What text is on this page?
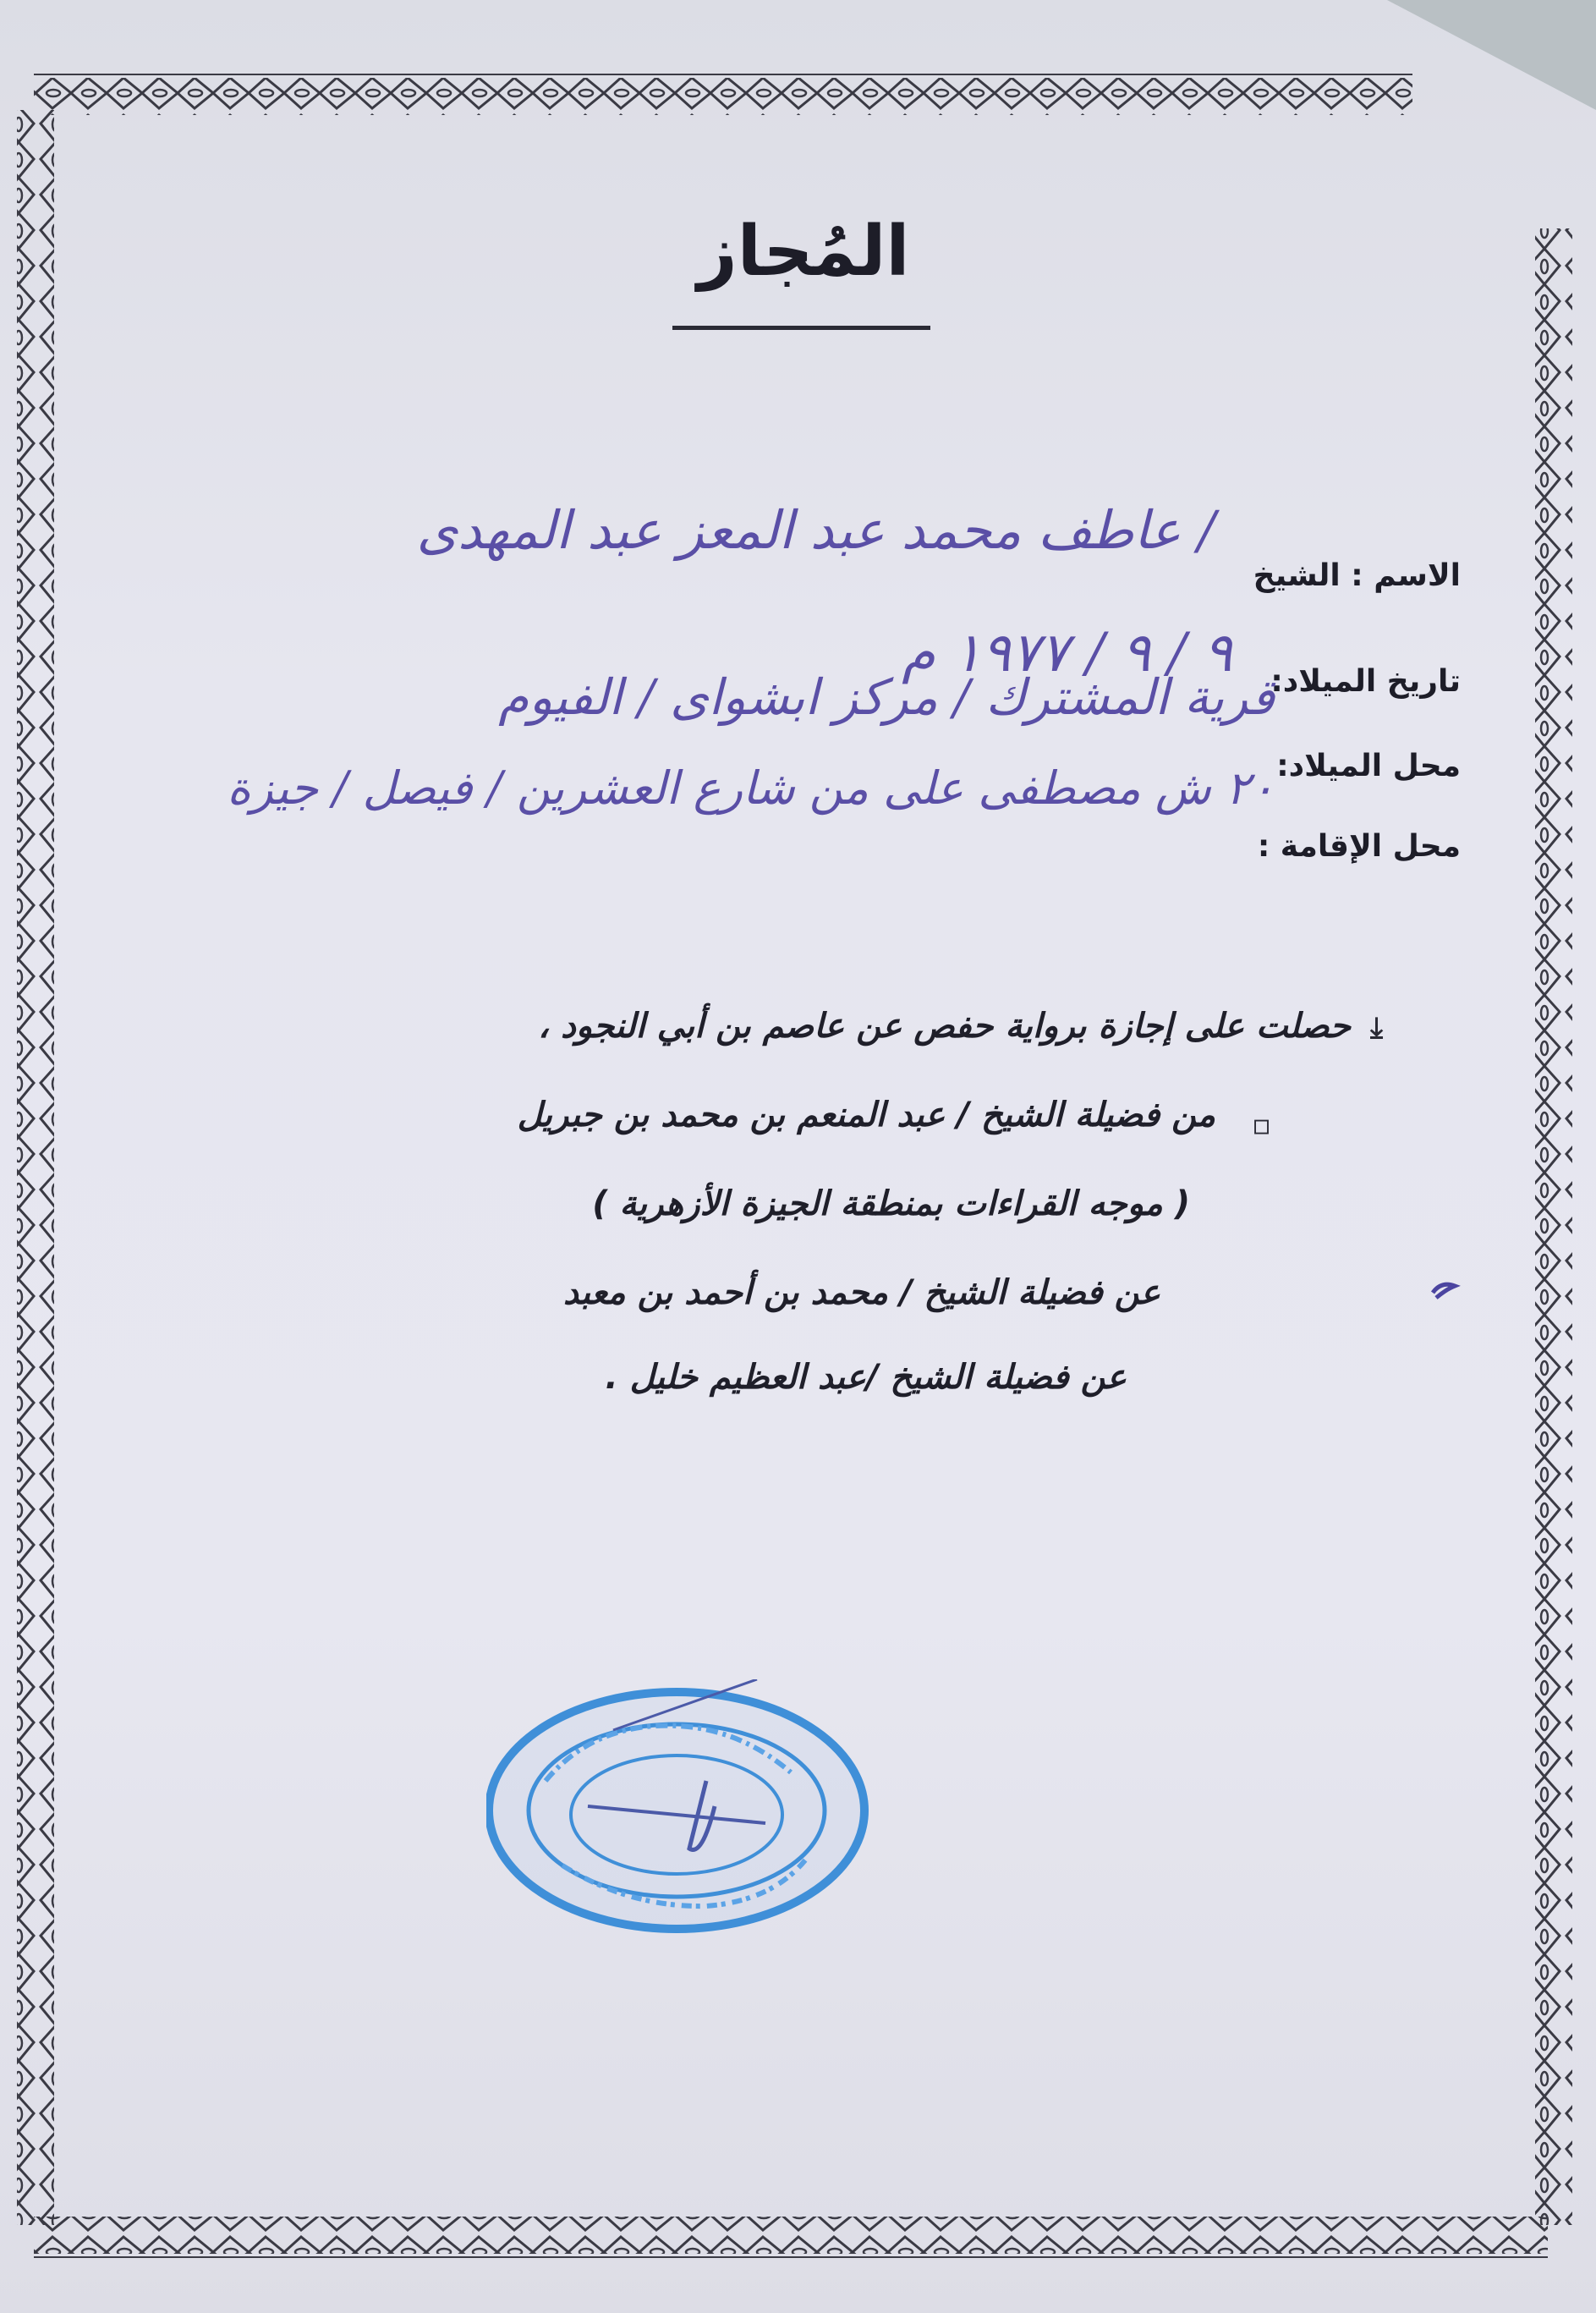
المُجاز
الاسم : الشيخ
/ عاطف محمد عبد المعز عبد المهدى
تاريخ الميلاد:
٩ / ٩ / ١٩٧٧ م
محل الميلاد:
قرية المشترك / مركز ابشواى / الفيوم
محل الإقامة :
٢٠ ش مصطفى على من شارع العشرين / فيصل / جيزة
⤓
حصلت على إجازة برواية حفص عن عاصم بن أبي النجود ،
▫
من فضيلة الشيخ / عبد المنعم بن محمد بن جبريل
( موجه القراءات بمنطقة الجيزة الأزهرية )
عن فضيلة الشيخ / محمد بن أحمد بن معبد
عن فضيلة الشيخ /عبد العظيم خليل .
